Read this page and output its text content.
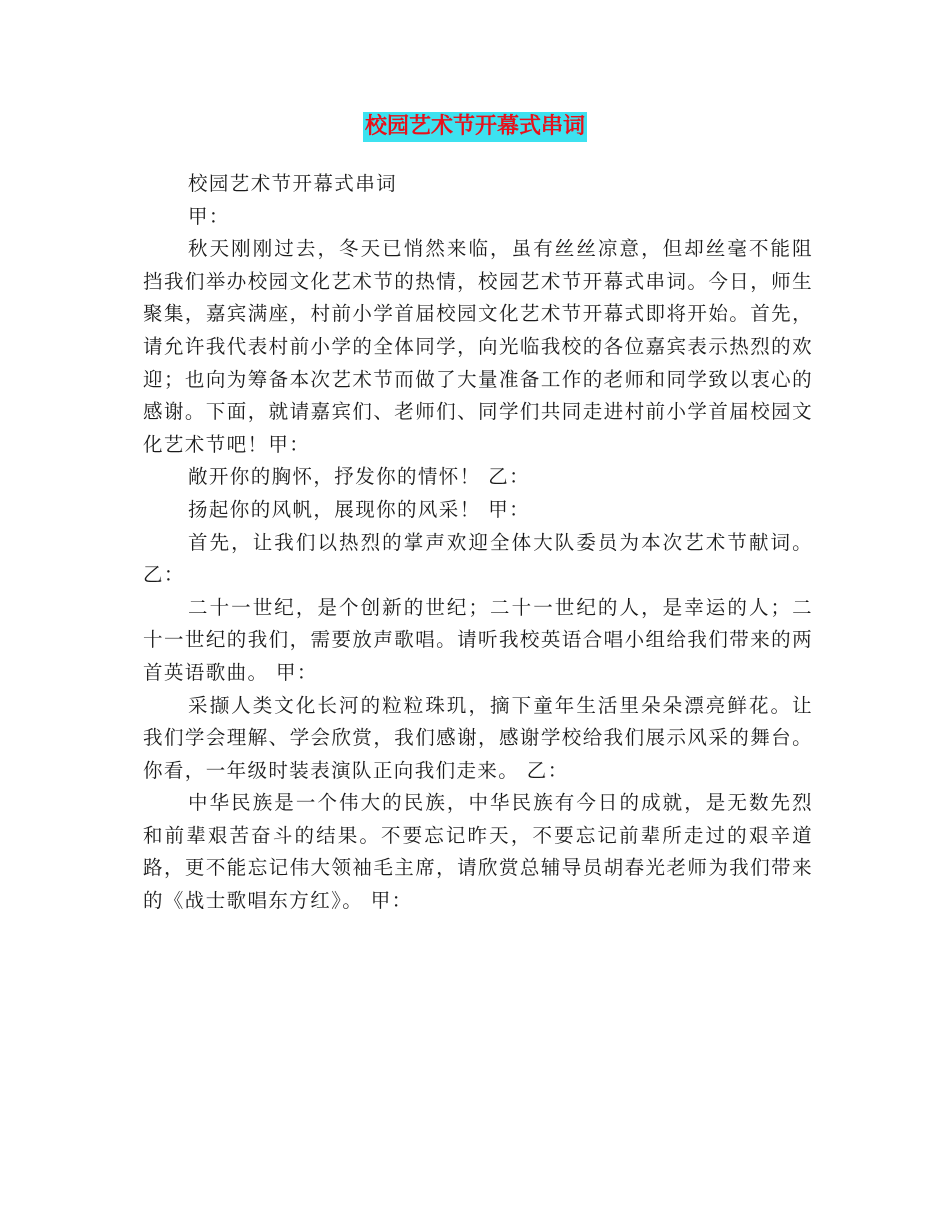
校园艺术节开幕式串词

校园艺术节开幕式串词

甲：

秋天刚刚过去，冬天已悄然来临，虽有丝丝凉意，但却丝毫不能阻挡我们举办校园文化艺术节的热情，校园艺术节开幕式串词。今日，师生聚集，嘉宾满座，村前小学首届校园文化艺术节开幕式即将开始。首先，请允许我代表村前小学的全体同学，向光临我校的各位嘉宾表示热烈的欢迎；也向为筹备本次艺术节而做了大量准备工作的老师和同学致以衷心的感谢。下面，就请嘉宾们、老师们、同学们共同走进村前小学首届校园文化艺术节吧！甲：

敞开你的胸怀，抒发你的情怀！ 乙：

扬起你的风帆，展现你的风采！ 甲：

首先，让我们以热烈的掌声欢迎全体大队委员为本次艺术节献词。 乙：

二十一世纪，是个创新的世纪；二十一世纪的人，是幸运的人；二十一世纪的我们，需要放声歌唱。请听我校英语合唱小组给我们带来的两首英语歌曲。 甲：

采撷人类文化长河的粒粒珠玑，摘下童年生活里朵朵漂亮鲜花。让我们学会理解、学会欣赏，我们感谢，感谢学校给我们展示风采的舞台。你看，一年级时装表演队正向我们走来。 乙：

中华民族是一个伟大的民族，中华民族有今日的成就，是无数先烈和前辈艰苦奋斗的结果。不要忘记昨天，不要忘记前辈所走过的艰辛道路，更不能忘记伟大领袖毛主席，请欣赏总辅导员胡春光老师为我们带来的《战士歌唱东方红》。 甲：
